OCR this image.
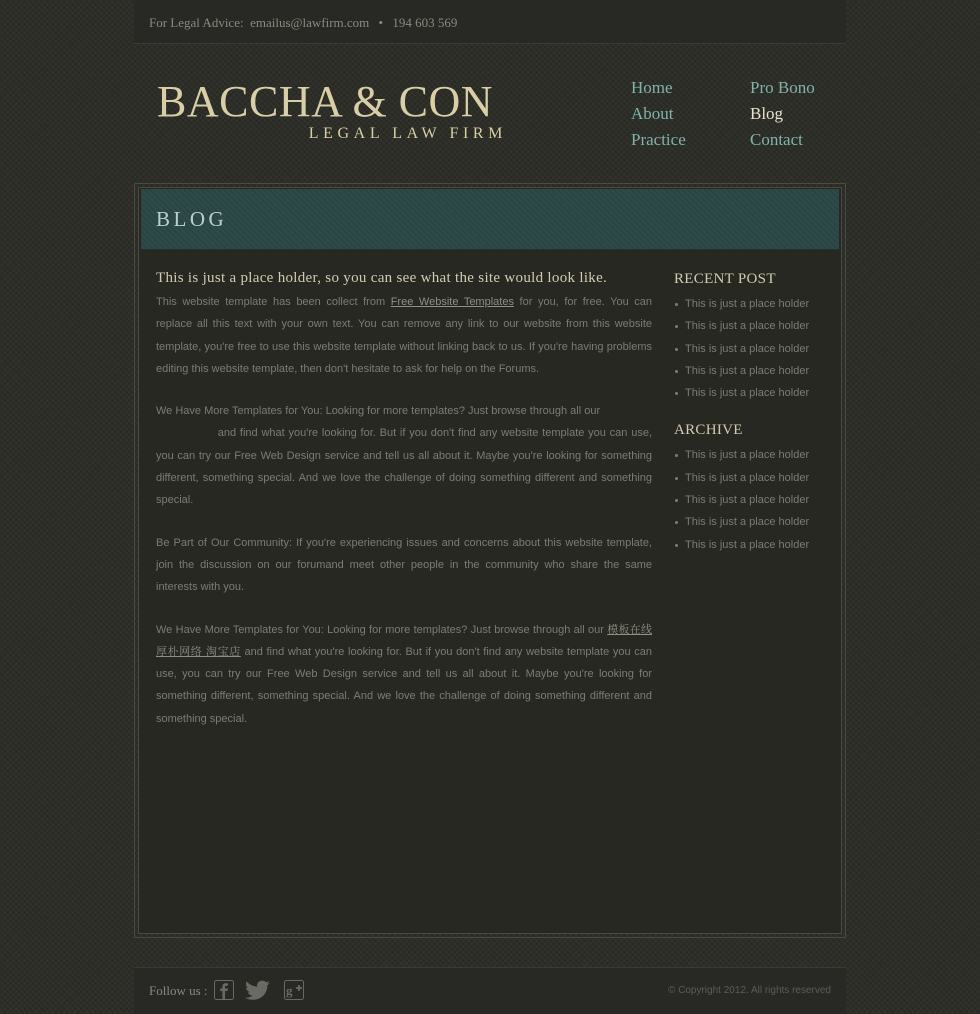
For Legal Advice: emailus@lawfirm.com • 194 603 569
BACCHA & CON
LEGAL LAW FIRM
Home
About
Practice
Pro Bono
Blog
Contact
BLOG
This is just a place holder, so you can see what the site would look like.

This website template has been collect from Free Website Templates for you, for free. You can replace all this text with your own text. You can remove any link to our website from this website template, you're free to use this website template without linking back to us. If you're having problems editing this website template, then don't hesitate to ask for help on the Forums.

We Have More Templates for You: Looking for more templates? Just browse through all our
and find what you're looking for. But if you don't find any website template you can use, you can try our Free Web Design service and tell us all about it. Maybe you're looking for something different, something special. And we love the challenge of doing something different and something special.

Be Part of Our Community: If you're experiencing issues and concerns about this website template, join the discussion on our forumand meet other people in the community who share the same interests with you.

We Have More Templates for You: Looking for more templates? Just browse through all our 模板在线 厚朴网络 淘宝店 and find what you're looking for. But if you don't find any website template you can use, you can try our Free Web Design service and tell us all about it. Maybe you're looking for something different, something special. And we love the challenge of doing something different and something special.

RECENT POST
This is just a place holder
This is just a place holder
This is just a place holder
This is just a place holder
This is just a place holder
ARCHIVE
This is just a place holder
This is just a place holder
This is just a place holder
This is just a place holder
This is just a place holder
Follow us :	g	© Copyright 2012. All rights reserved
